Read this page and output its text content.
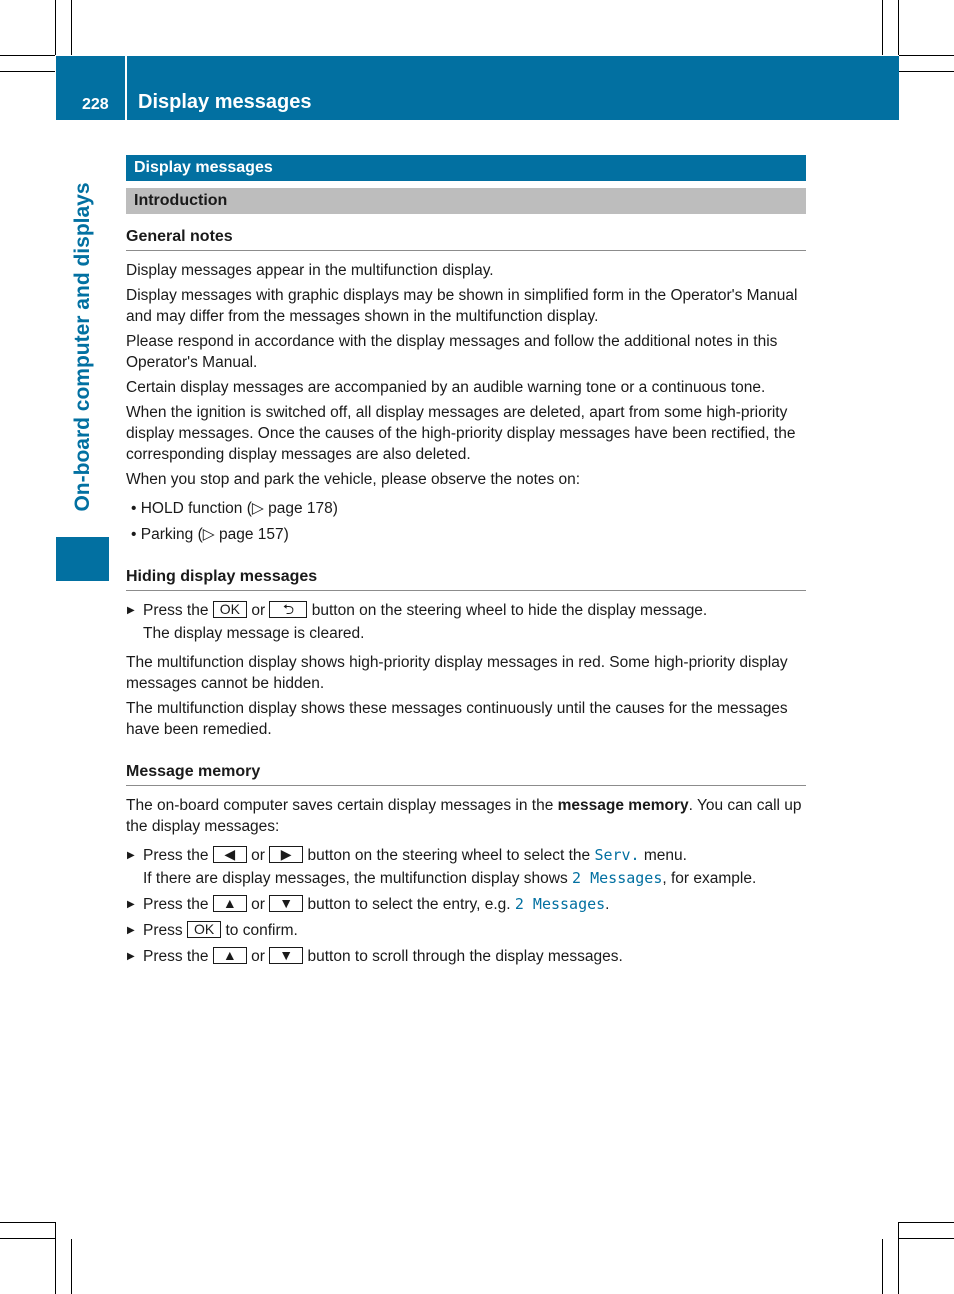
228 Display messages
On-board computer and displays
Display messages
Introduction
General notes

Display messages appear in the multifunction display.

Display messages with graphic displays may be shown in simplified form in the Operator's Manual and may differ from the messages shown in the multifunction display.

Please respond in accordance with the display messages and follow the additional notes in this Operator's Manual.

Certain display messages are accompanied by an audible warning tone or a continuous tone.

When the ignition is switched off, all display messages are deleted, apart from some high-priority display messages. Once the causes of the high-priority display messages have been rectified, the corresponding display messages are also deleted.

When you stop and park the vehicle, please observe the notes on:

• HOLD function (▷ page 178)
• Parking (▷ page 157)
Hiding display messages
▶ Press the OK or ⮌ button on the steering wheel to hide the display message.
The display message is cleared.

The multifunction display shows high-priority display messages in red. Some high-priority display messages cannot be hidden.

The multifunction display shows these messages continuously until the causes for the messages have been remedied.

Message memory

The on-board computer saves certain display messages in the message memory. You can call up the display messages:

▶ Press the ◀ or ▶ button on the steering wheel to select the Serv. menu.
If there are display messages, the multifunction display shows 2 Messages, for example.
▶ Press the ▲ or ▼ button to select the entry, e.g. 2 Messages.
▶ Press OK to confirm.
▶ Press the ▲ or ▼ button to scroll through the display messages.
